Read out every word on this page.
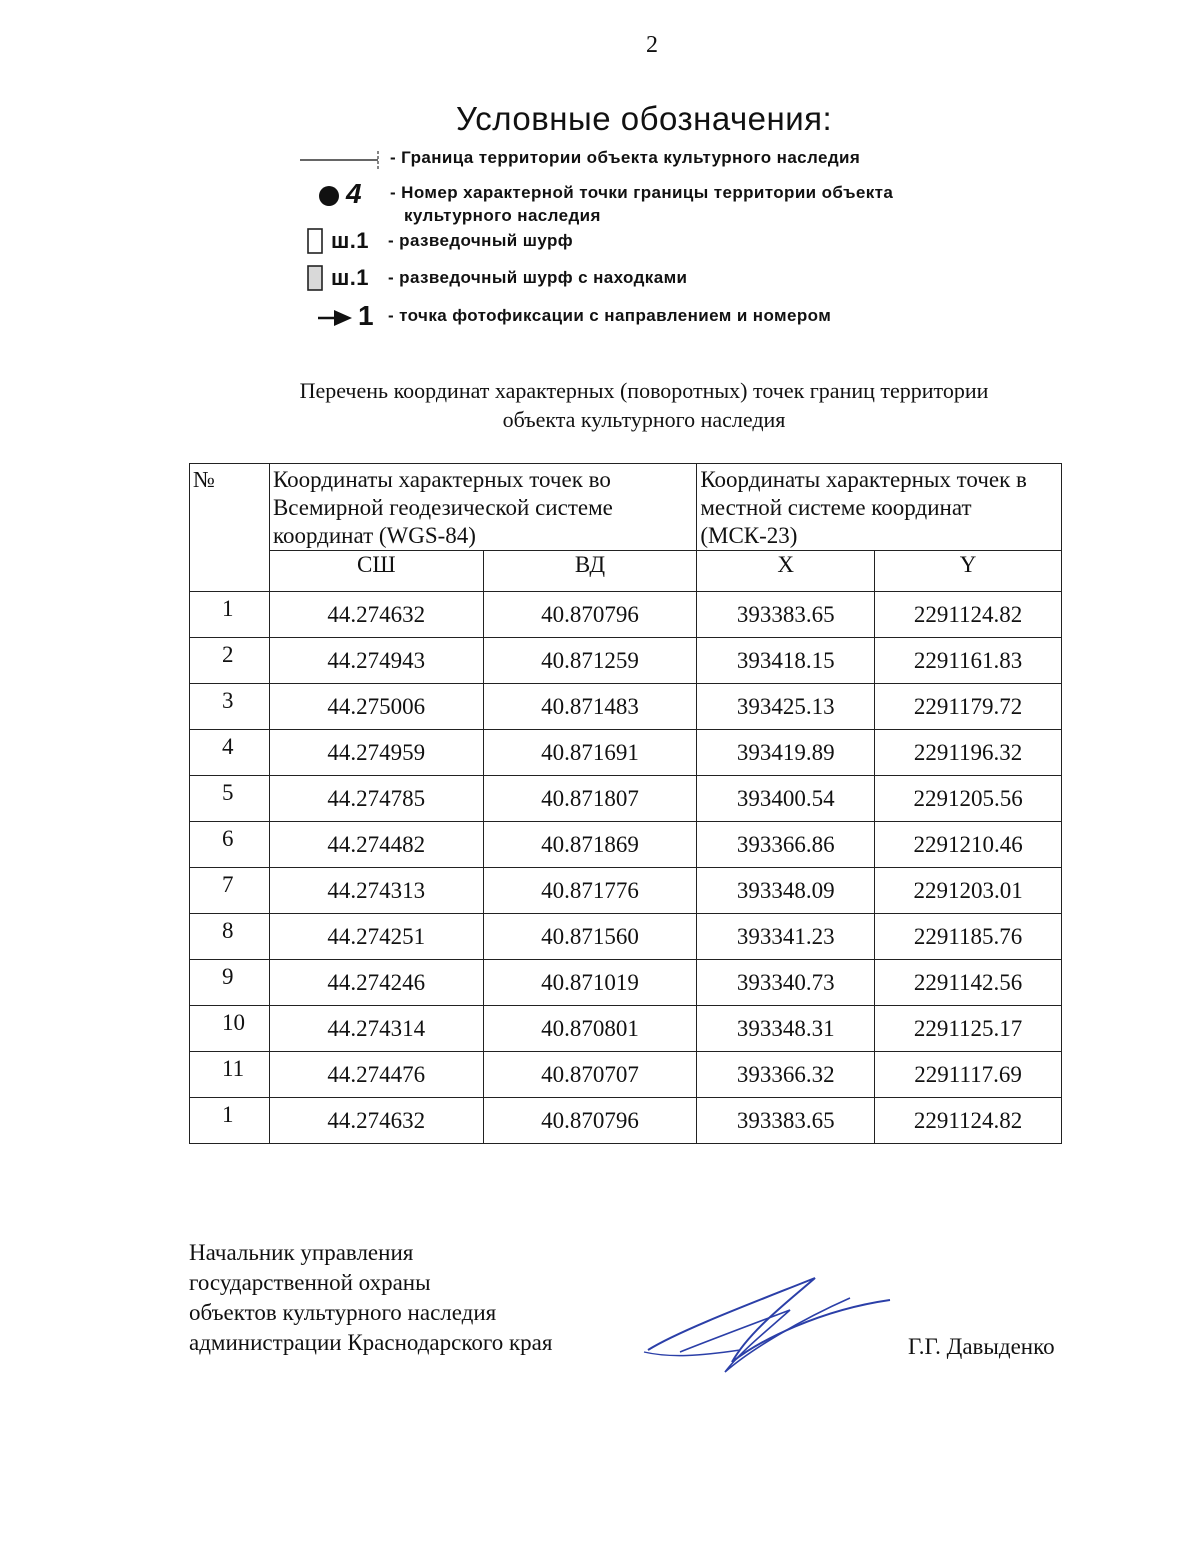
2
Условные обозначения:
- Граница территории объекта культурного наследия
4 - Номер характерной точки границы территории объекта
культурного наследия
ш.1 - разведочный шурф
ш.1 - разведочный шурф с находками
1 - точка фотофиксации с направлением и номером
Перечень координат характерных (поворотных) точек границ территории
объекта культурного наследия
№	Координаты характерных точек во Всемирной геодезической системе координат (WGS-84)		Координаты характерных точек в местной системе координат (МСК-23)	
	СШ	ВД	X	Y
1	44.274632	40.870796	393383.65	2291124.82
2	44.274943	40.871259	393418.15	2291161.83
3	44.275006	40.871483	393425.13	2291179.72
4	44.274959	40.871691	393419.89	2291196.32
5	44.274785	40.871807	393400.54	2291205.56
6	44.274482	40.871869	393366.86	2291210.46
7	44.274313	40.871776	393348.09	2291203.01
8	44.274251	40.871560	393341.23	2291185.76
9	44.274246	40.871019	393340.73	2291142.56
10	44.274314	40.870801	393348.31	2291125.17
11	44.274476	40.870707	393366.32	2291117.69
1	44.274632	40.870796	393383.65	2291124.82
Начальник управления
государственной охраны
объектов культурного наследия
администрации Краснодарского края	Г.Г. Давыденко
